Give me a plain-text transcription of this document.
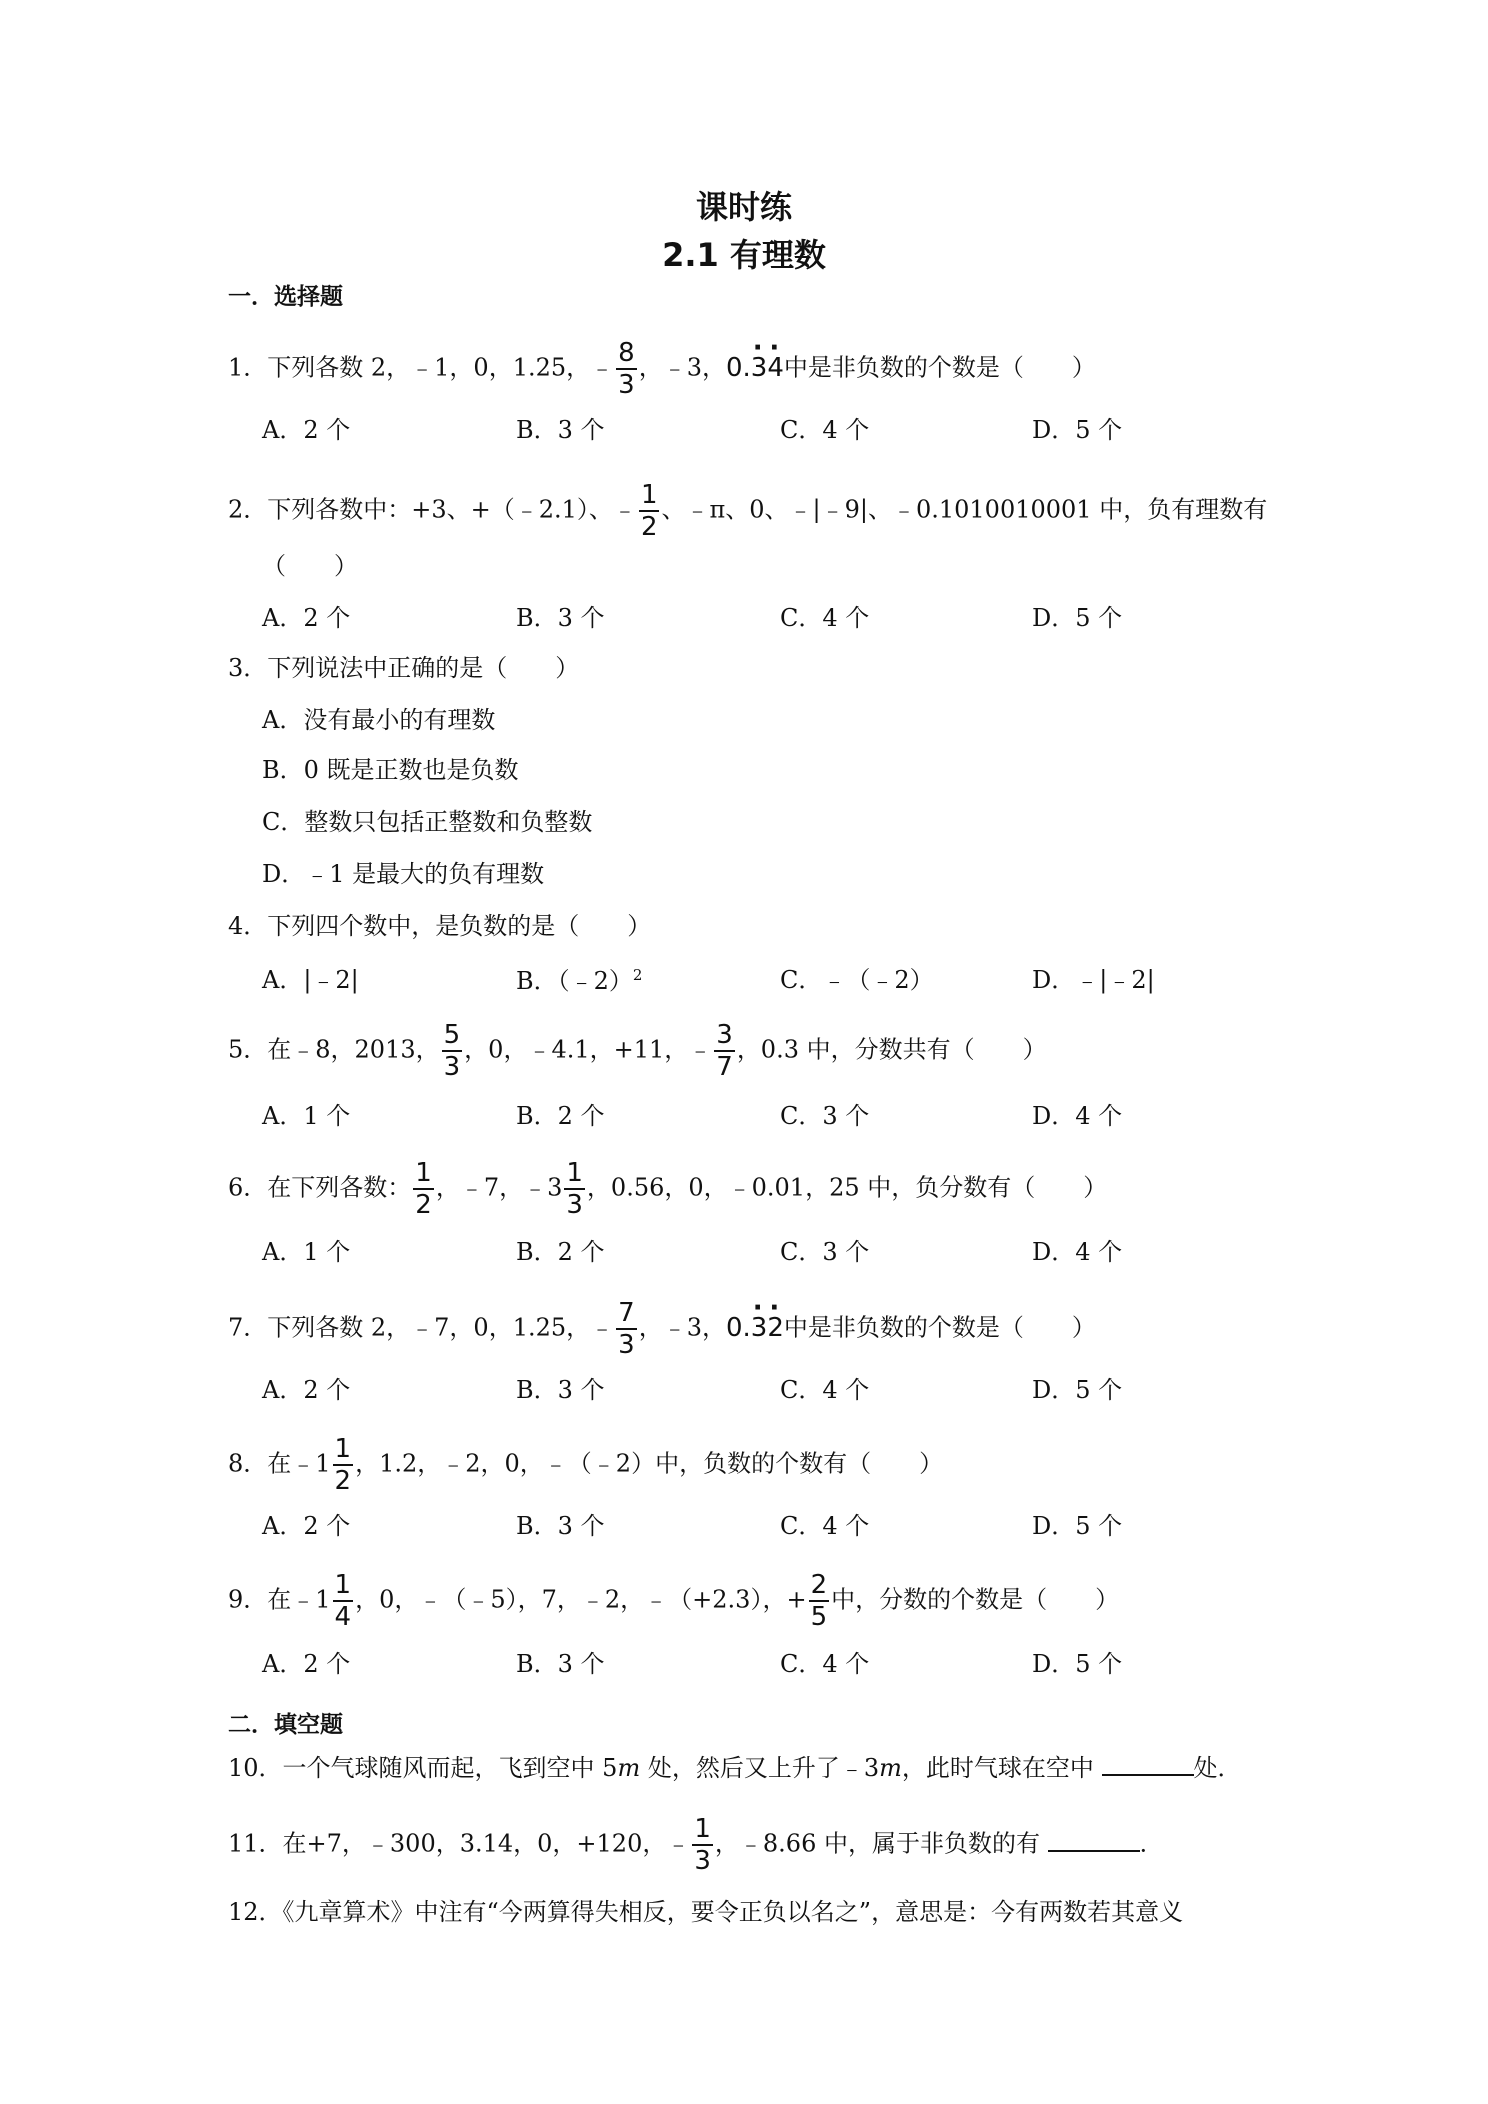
课时练
2.1 有理数
一．选择题
1．下列各数 2，﹣1，0，1.25，﹣ $\frac{8}{3}$ ，﹣3，0.· 3· 4中是非负数的个数是（　　）
A．2 个	B．3 个	C．4 个	D．5 个
2．下列各数中：+3、+（﹣2.1）、﹣ $\frac{1}{2}$ 、﹣π、0、﹣|﹣9|、﹣0.1010010001 中，负有理数有
（　　）
A．2 个	B．3 个	C．4 个	D．5 个
3．下列说法中正确的是（　　）
A．没有最小的有理数
B．0 既是正数也是负数
C．整数只包括正整数和负整数
D．﹣1 是最大的负有理数
4．下列四个数中，是负数的是（　　）
A．|﹣2|	B．（﹣2）$^2$	C．﹣（﹣2）	D．﹣|﹣2|
5．在﹣8，2013， $\frac{5}{3}$ ，0，﹣4.1，+11，﹣ $\frac{3}{7}$ ，0.3 中，分数共有（　　）
A．1 个	B．2 个	C．3 个	D．4 个
6．在下列各数： $\frac{1}{2}$ ，﹣7，﹣3 $\frac{1}{3}$ ，0.56，0，﹣0.01，25 中，负分数有（　　）
A．1 个	B．2 个	C．3 个	D．4 个
7．下列各数 2，﹣7，0，1.25，﹣ $\frac{7}{3}$ ，﹣3，0.· 3· 2中是非负数的个数是（　　）
A．2 个	B．3 个	C．4 个	D．5 个
8．在﹣1 $\frac{1}{2}$ ，1.2，﹣2，0，﹣（﹣2）中，负数的个数有（　　）
A．2 个	B．3 个	C．4 个	D．5 个
9．在﹣1 $\frac{1}{4}$ ，0，﹣（﹣5），7，﹣2，﹣（+2.3），+ $\frac{2}{5}$ 中，分数的个数是（　　）
A．2 个	B．3 个	C．4 个	D．5 个
二．填空题
10．一个气球随风而起，飞到空中 5m 处，然后又上升了﹣3m，此时气球在空中	处．
11．在+7，﹣300，3.14，0，+120，﹣ $\frac{1}{3}$ ，﹣8.66 中，属于非负数的有	．
12．《九章算术》中注有“今两算得失相反，要令正负以名之”，意思是：今有两数若其意义
